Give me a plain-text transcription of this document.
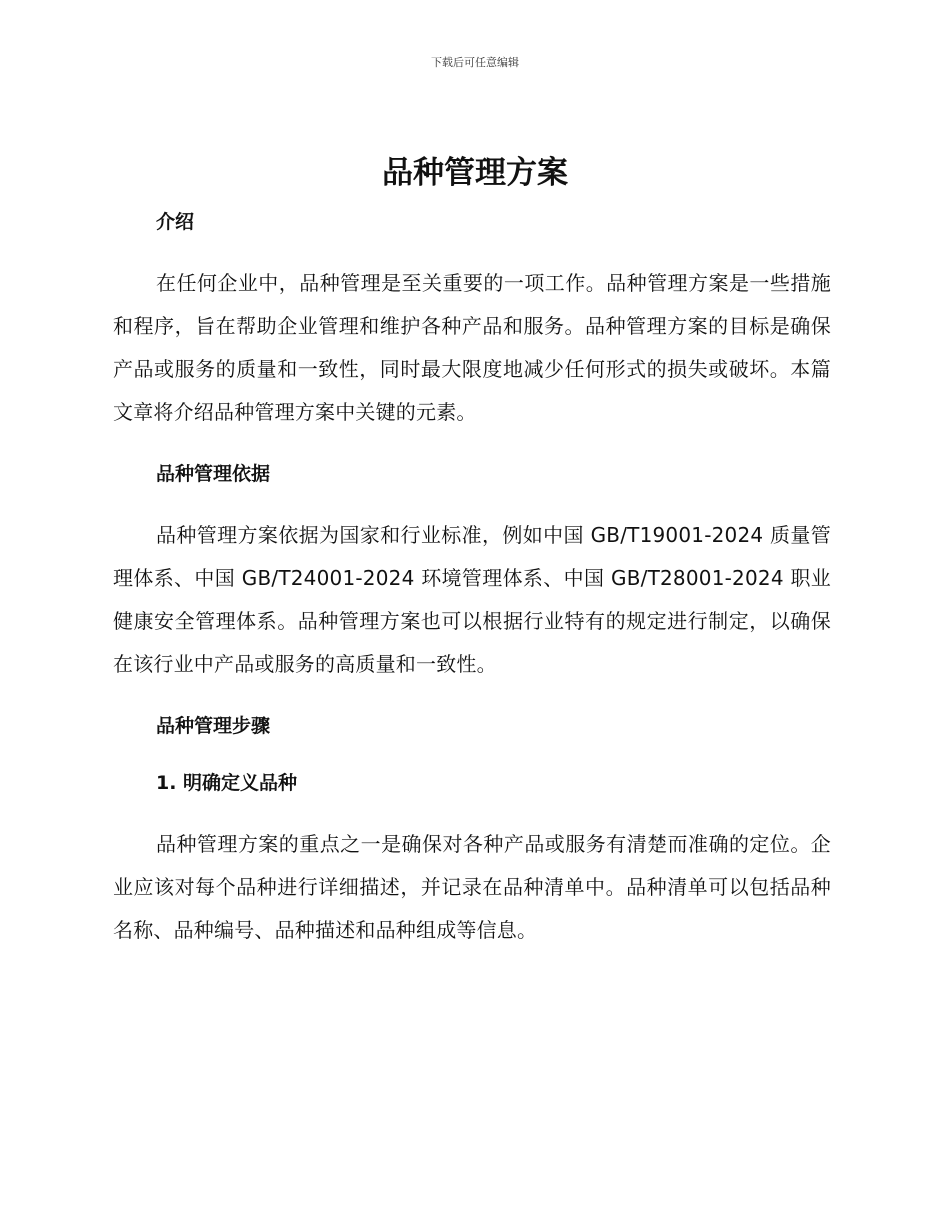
下载后可任意编辑
品种管理方案
介绍

在任何企业中，品种管理是至关重要的一项工作。品种管理方案是一些措施和程序，旨在帮助企业管理和维护各种产品和服务。品种管理方案的目标是确保产品或服务的质量和一致性，同时最大限度地减少任何形式的损失或破坏。本篇文章将介绍品种管理方案中关键的元素。

品种管理依据

品种管理方案依据为国家和行业标准，例如中国 GB/T19001-2024 质量管理体系、中国 GB/T24001-2024 环境管理体系、中国 GB/T28001-2024 职业健康安全管理体系。品种管理方案也可以根据行业特有的规定进行制定，以确保在该行业中产品或服务的高质量和一致性。

品种管理步骤
1. 明确定义品种

品种管理方案的重点之一是确保对各种产品或服务有清楚而准确的定位。企业应该对每个品种进行详细描述，并记录在品种清单中。品种清单可以包括品种名称、品种编号、品种描述和品种组成等信息。
